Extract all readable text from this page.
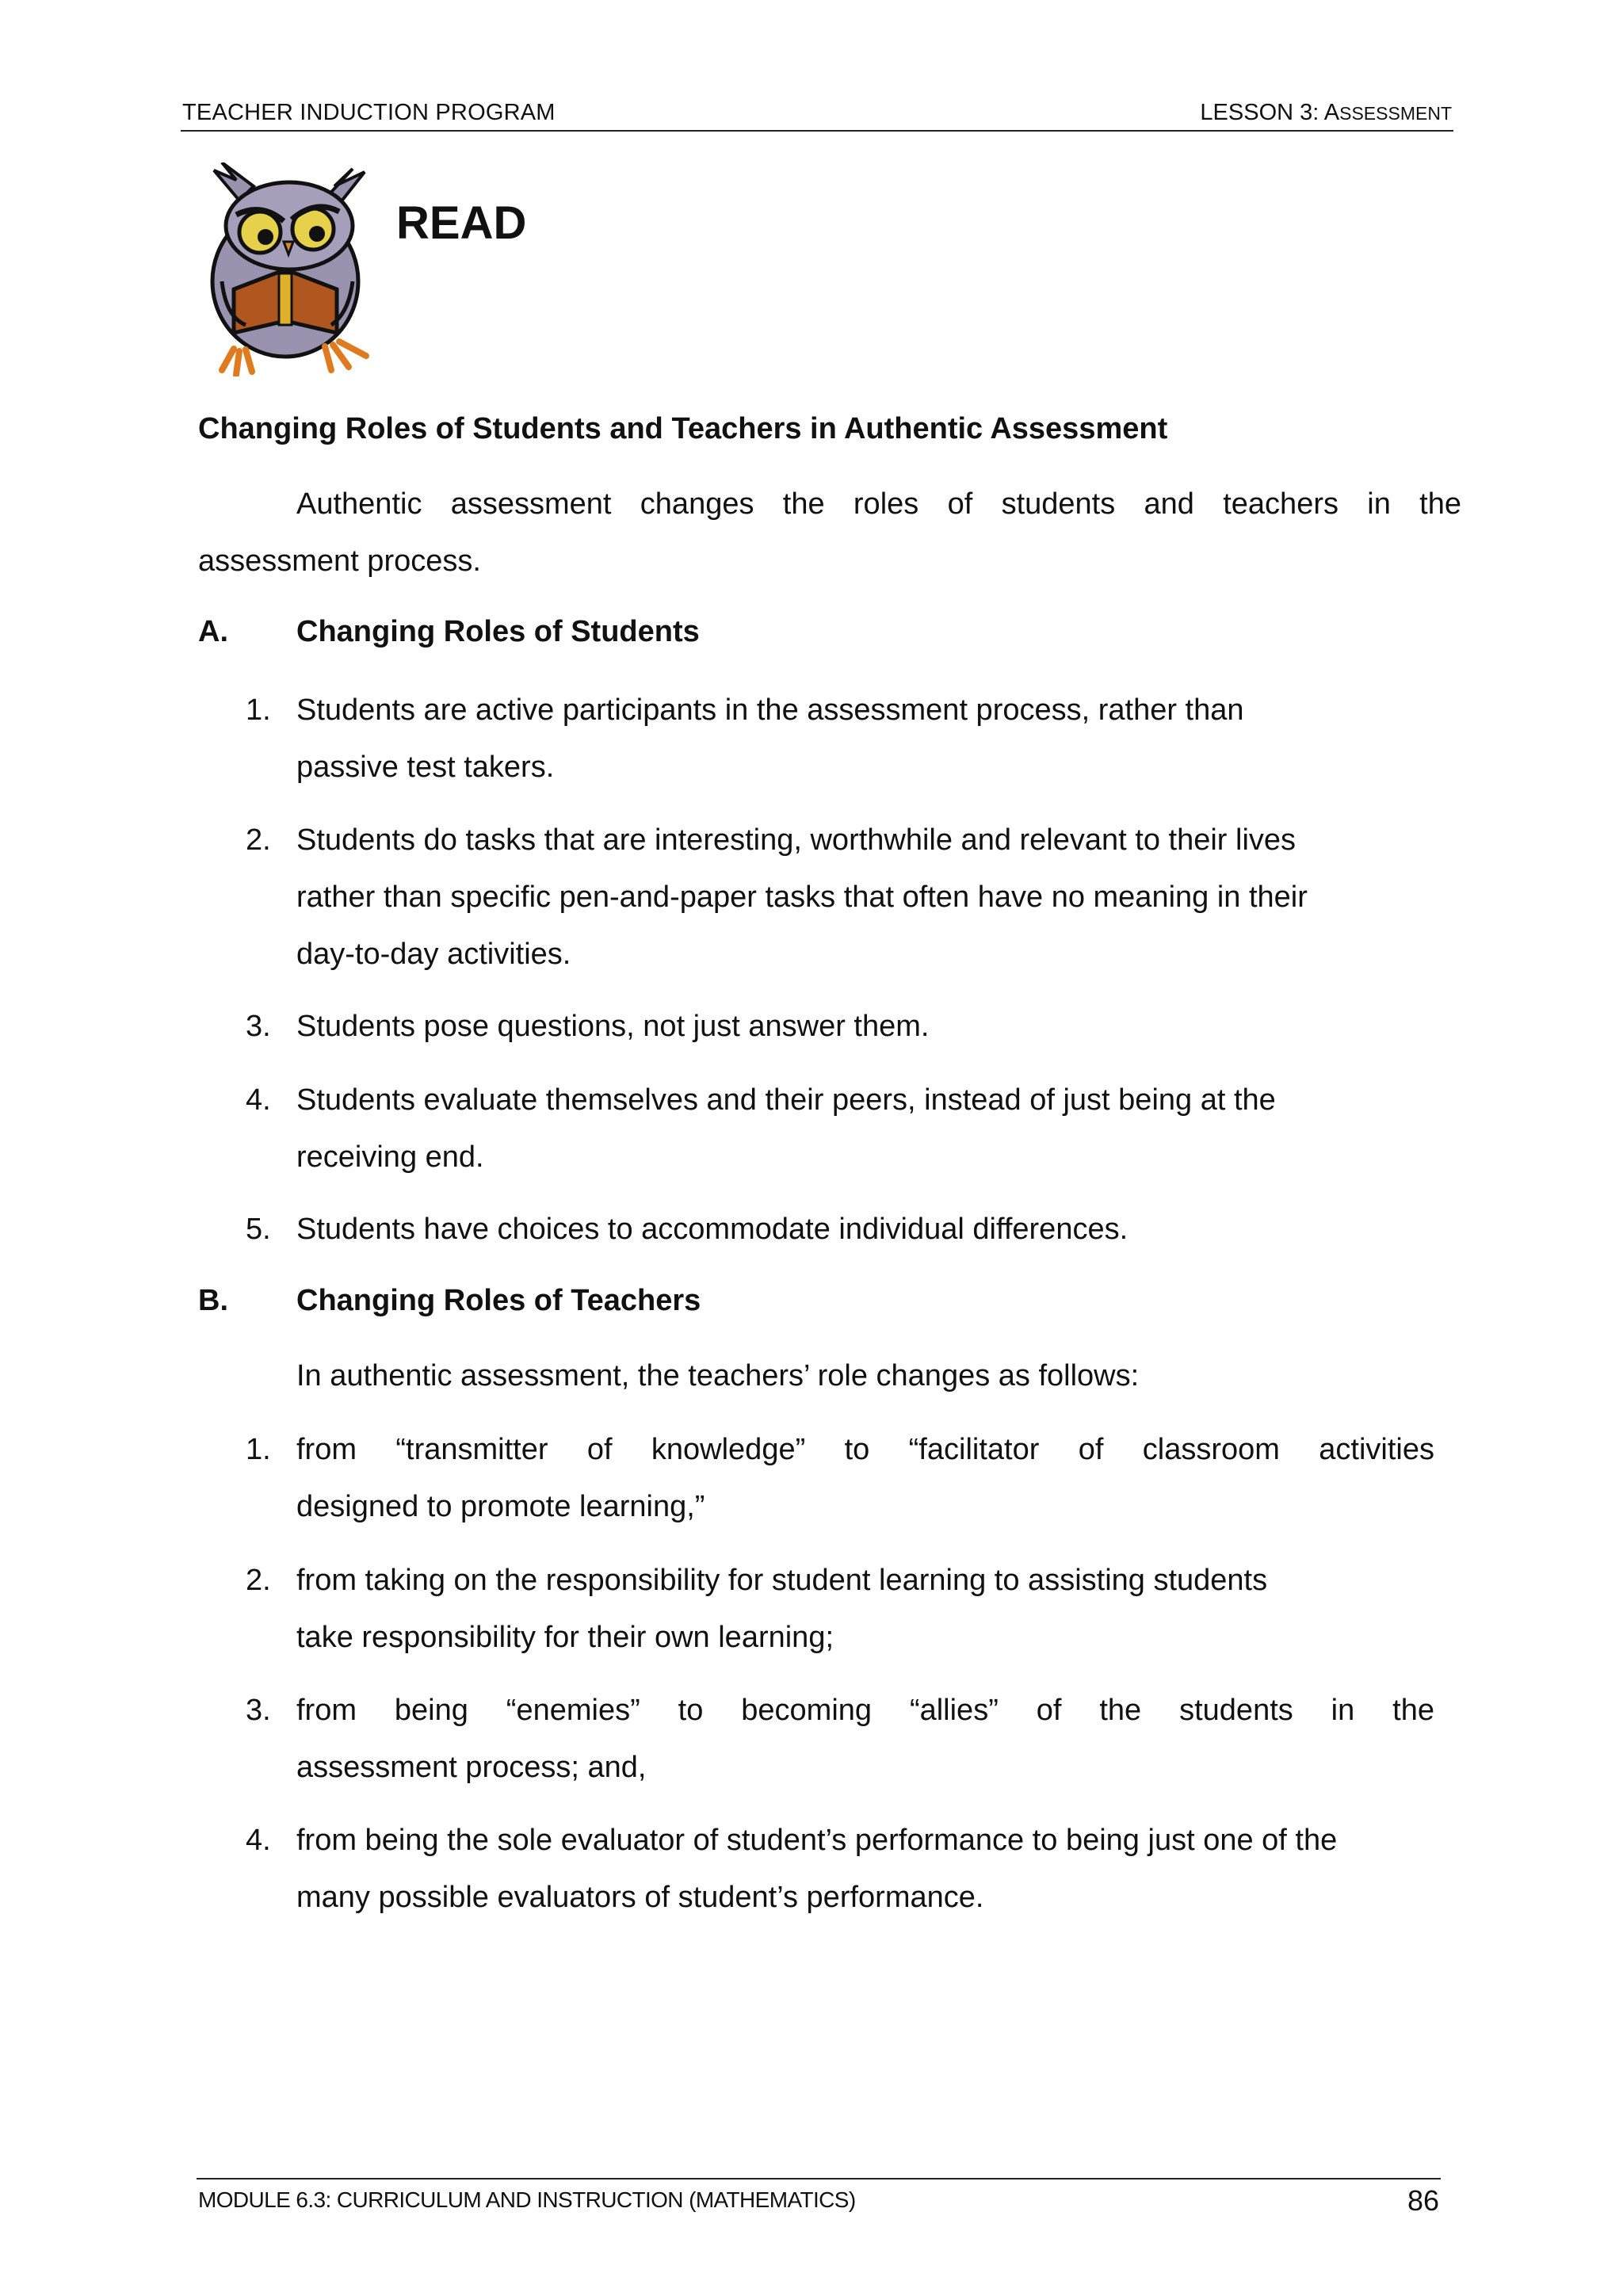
TEACHER INDUCTION PROGRAM	LESSON 3: ASSESSMENT
READ
Changing Roles of Students and Teachers in Authentic Assessment
Authentic assessment changes the roles of students and teachers in the
assessment process.
A. Changing Roles of Students
1. Students are active participants in the assessment process, rather than
passive test takers.
2. Students do tasks that are interesting, worthwhile and relevant to their lives
rather than specific pen-and-paper tasks that often have no meaning in their
day-to-day activities.
3. Students pose questions, not just answer them.
4. Students evaluate themselves and their peers, instead of just being at the
receiving end.
5. Students have choices to accommodate individual differences.
B. Changing Roles of Teachers
In authentic assessment, the teachers’ role changes as follows:
1. from “transmitter of knowledge” to “facilitator of classroom activities
designed to promote learning,”
2. from taking on the responsibility for student learning to assisting students
take responsibility for their own learning;
3. from being “enemies” to becoming “allies” of the students in the
assessment process; and,
4. from being the sole evaluator of student’s performance to being just one of the
many possible evaluators of student’s performance.
MODULE 6.3: CURRICULUM AND INSTRUCTION (MATHEMATICS)	86
